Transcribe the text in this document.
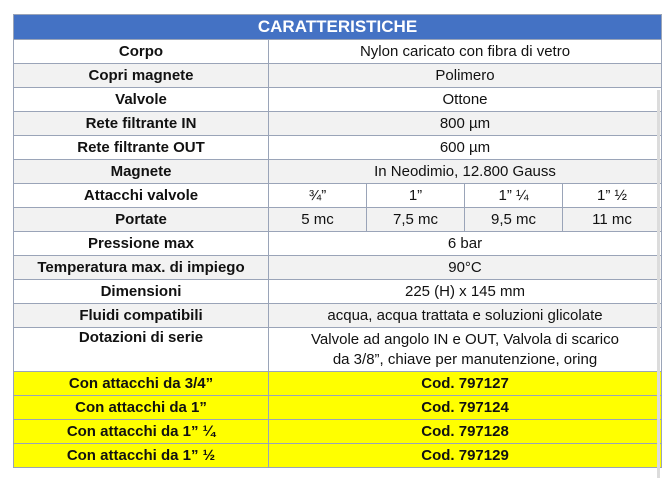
CARATTERISTICHE				
Corpo	Nylon caricato con fibra di vetro			
Copri magnete	Polimero			
Valvole	Ottone			
Rete filtrante IN	800 µm			
Rete filtrante OUT	600 µm			
Magnete	In Neodimio, 12.800 Gauss			
Attacchi valvole	¾”	1”	1” ¼	1” ½
Portate	5 mc	7,5 mc	9,5 mc	11 mc
Pressione max	6 bar			
Temperatura max. di impiego	90°C			
Dimensioni	225 (H) x 145 mm			
Fluidi compatibili	acqua, acqua trattata e soluzioni glicolate			
Dotazioni di serie	Valvole ad angolo IN e OUT, Valvola di scarico
da 3/8”, chiave per manutenzione, oring			

Con attacchi da 3/4”	Cod. 797127			
Con attacchi da 1”	Cod. 797124			
Con attacchi da 1” ¼	Cod. 797128			
Con attacchi da 1” ½	Cod. 797129			
